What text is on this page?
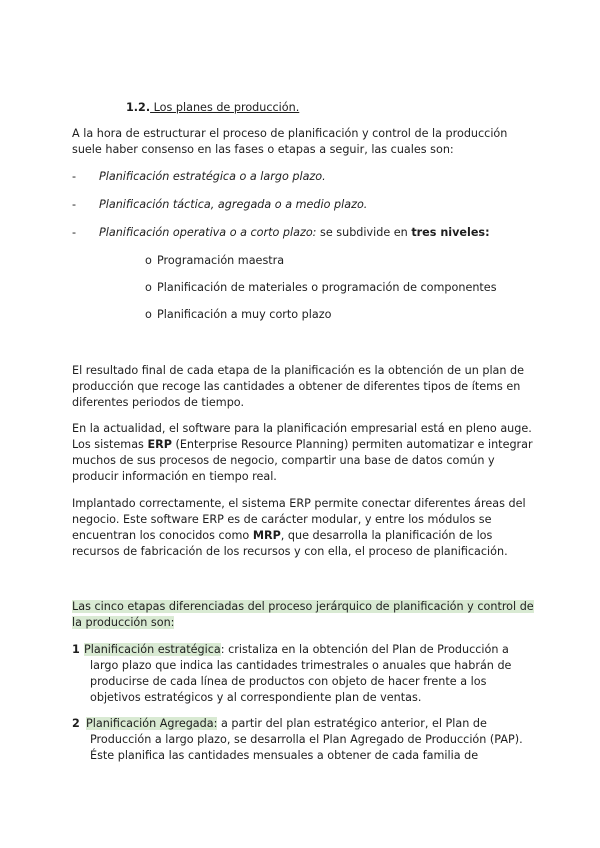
1.2. Los planes de producción.
A la hora de estructurar el proceso de planificación y control de la producción
suele haber consenso en las fases o etapas a seguir, las cuales son:
- Planificación estratégica o a largo plazo.
- Planificación táctica, agregada o a medio plazo.
- Planificación operativa o a corto plazo: se subdivide en tres niveles:
o Programación maestra
o Planificación de materiales o programación de componentes
o Planificación a muy corto plazo
El resultado final de cada etapa de la planificación es la obtención de un plan de
producción que recoge las cantidades a obtener de diferentes tipos de ítems en
diferentes periodos de tiempo.
En la actualidad, el software para la planificación empresarial está en pleno auge.
Los sistemas ERP (Enterprise Resource Planning) permiten automatizar e integrar
muchos de sus procesos de negocio, compartir una base de datos común y
producir información en tiempo real.
Implantado correctamente, el sistema ERP permite conectar diferentes áreas del
negocio. Este software ERP es de carácter modular, y entre los módulos se
encuentran los conocidos como MRP, que desarrolla la planificación de los
recursos de fabricación de los recursos y con ella, el proceso de planificación.
Las cinco etapas diferenciadas del proceso jerárquico de planificación y control de
la producción son:
1 Planificación estratégica: cristaliza en la obtención del Plan de Producción a
largo plazo que indica las cantidades trimestrales o anuales que habrán de
producirse de cada línea de productos con objeto de hacer frente a los
objetivos estratégicos y al correspondiente plan de ventas.
2 Planificación Agregada: a partir del plan estratégico anterior, el Plan de
Producción a largo plazo, se desarrolla el Plan Agregado de Producción (PAP).
Éste planifica las cantidades mensuales a obtener de cada familia de
